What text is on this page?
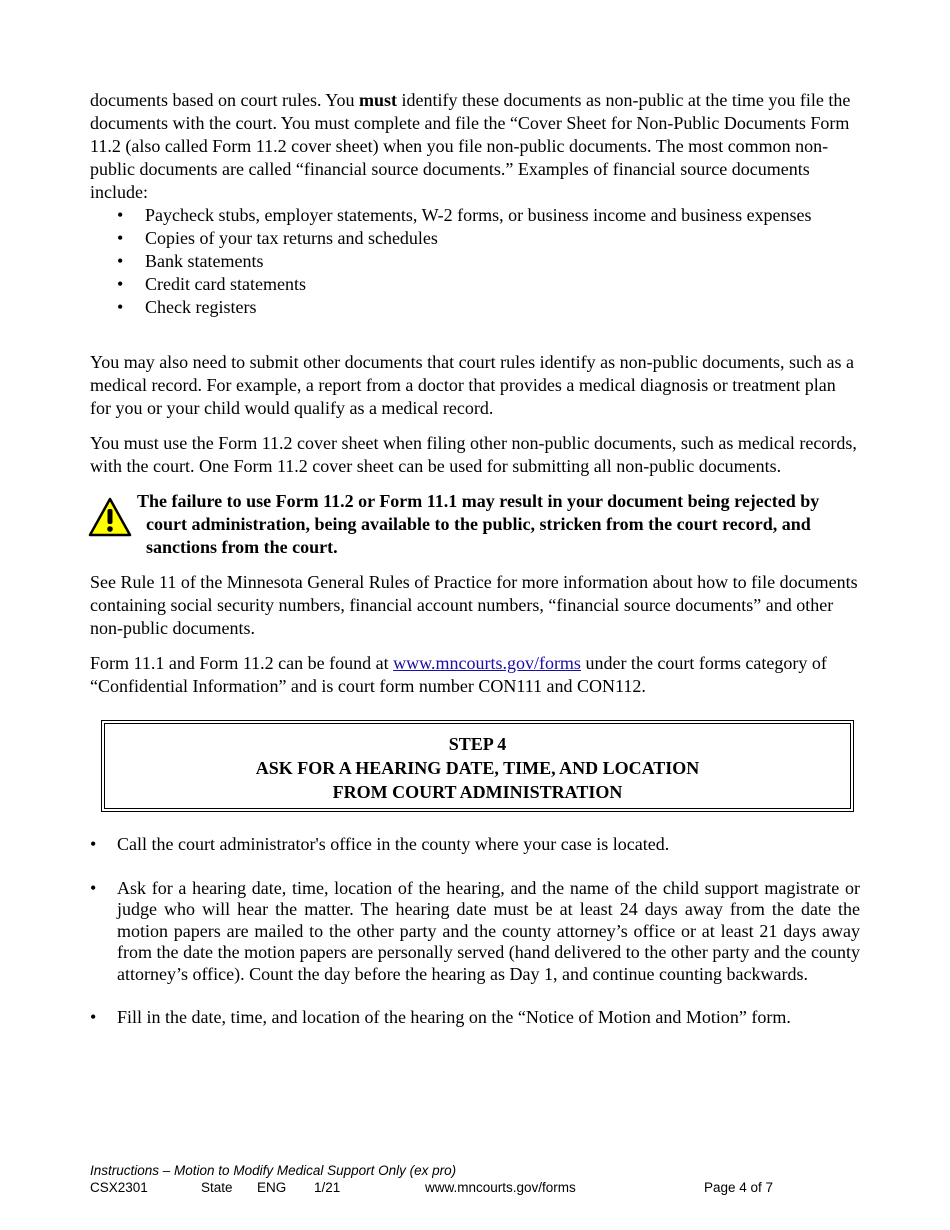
documents based on court rules. You must identify these documents as non-public at the time you file the documents with the court. You must complete and file the “Cover Sheet for Non-Public Documents Form 11.2 (also called Form 11.2 cover sheet) when you file non-public documents. The most common non-public documents are called “financial source documents.” Examples of financial source documents include:

• Paycheck stubs, employer statements, W-2 forms, or business income and business expenses
• Copies of your tax returns and schedules
• Bank statements
• Credit card statements
• Check registers

You may also need to submit other documents that court rules identify as non-public documents, such as a medical record. For example, a report from a doctor that provides a medical diagnosis or treatment plan for you or your child would qualify as a medical record.

You must use the Form 11.2 cover sheet when filing other non-public documents, such as medical records, with the court. One Form 11.2 cover sheet can be used for submitting all non-public documents.

The failure to use Form 11.2 or Form 11.1 may result in your document being rejected by
court administration, being available to the public, stricken from the court record, and
sanctions from the court.

See Rule 11 of the Minnesota General Rules of Practice for more information about how to file documents containing social security numbers, financial account numbers, “financial source documents” and other non-public documents.

Form 11.1 and Form 11.2 can be found at www.mncourts.gov/forms under the court forms category of “Confidential Information” and is court form number CON111 and CON112.

STEP 4
ASK FOR A HEARING DATE, TIME, AND LOCATION
FROM COURT ADMINISTRATION
• Call the court administrator's office in the county where your case is located.
• Ask for a hearing date, time, location of the hearing, and the name of the child support magistrate or judge who will hear the matter. The hearing date must be at least 24 days away from the date the motion papers are mailed to the other party and the county attorney’s office or at least 21 days away from the date the motion papers are personally served (hand delivered to the other party and the county attorney’s office). Count the day before the hearing as Day 1, and continue counting backwards.
• Fill in the date, time, and location of the hearing on the “Notice of Motion and Motion” form.
Instructions – Motion to Modify Medical Support Only (ex pro)
CSX2301	State ENG 1/21	www.mncourts.gov/forms	Page 4 of 7
